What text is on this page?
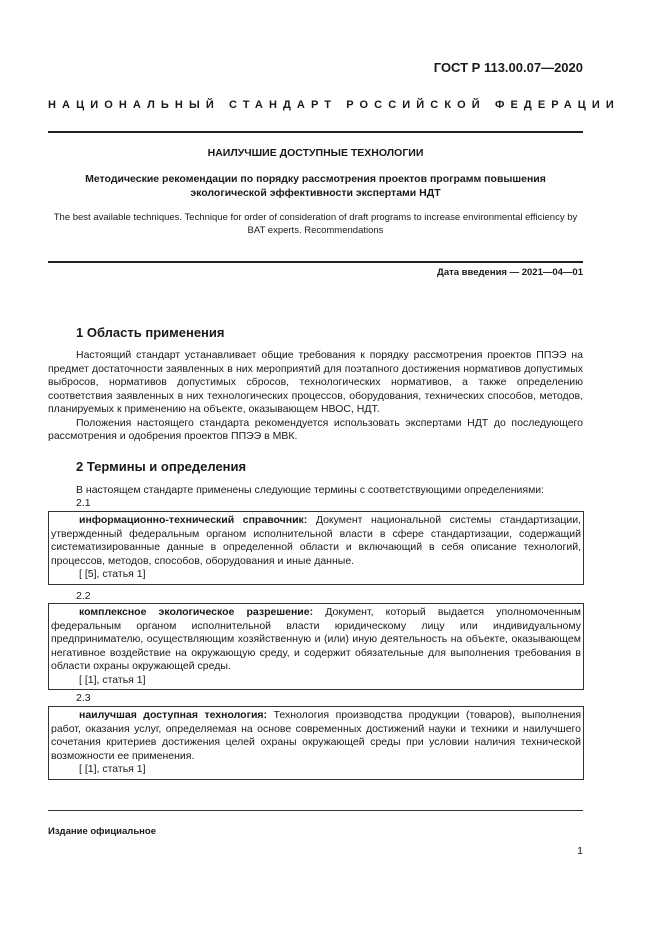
ГОСТ Р 113.00.07—2020
НАЦИОНАЛЬНЫЙ СТАНДАРТ РОССИЙСКОЙ ФЕДЕРАЦИИ
НАИЛУЧШИЕ ДОСТУПНЫЕ ТЕХНОЛОГИИ
Методические рекомендации по порядку рассмотрения проектов программ повышения экологической эффективности экспертами НДТ
The best available techniques. Technique for order of consideration of draft programs to increase environmental efficiency by BAT experts. Recommendations
Дата введения — 2021—04—01
1 Область применения

Настоящий стандарт устанавливает общие требования к порядку рассмотрения проектов ППЭЭ на предмет достаточности заявленных в них мероприятий для поэтапного достижения нормативов допустимых выбросов, нормативов допустимых сбросов, технологических нормативов, а также определению соответствия заявленных в них технологических процессов, оборудования, технических способов, методов, планируемых к применению на объекте, оказывающем НВОС, НДТ.

Положения настоящего стандарта рекомендуется использовать экспертами НДТ до последующего рассмотрения и одобрения проектов ППЭЭ в МВК.

2 Термины и определения

В настоящем стандарте применены следующие термины с соответствующими определениями:

2.1

информационно-технический справочник: Документ национальной системы стандартизации, утвержденный федеральным органом исполнительной власти в сфере стандартизации, содержащий систематизированные данные в определенной области и включающий в себя описание технологий, процессов, методов, способов, оборудования и иные данные.

[ [5], статья 1]

2.2

комплексное экологическое разрешение: Документ, который выдается уполномоченным федеральным органом исполнительной власти юридическому лицу или индивидуальному предпринимателю, осуществляющим хозяйственную и (или) иную деятельность на объекте, оказывающем негативное воздействие на окружающую среду, и содержит обязательные для выполнения требования в области охраны окружающей среды.

[ [1], статья 1]

2.3

наилучшая доступная технология: Технология производства продукции (товаров), выполнения работ, оказания услуг, определяемая на основе современных достижений науки и техники и наилучшего сочетания критериев достижения целей охраны окружающей среды при условии наличия технической возможности ее применения.

[ [1], статья 1]

Издание официальное
1
